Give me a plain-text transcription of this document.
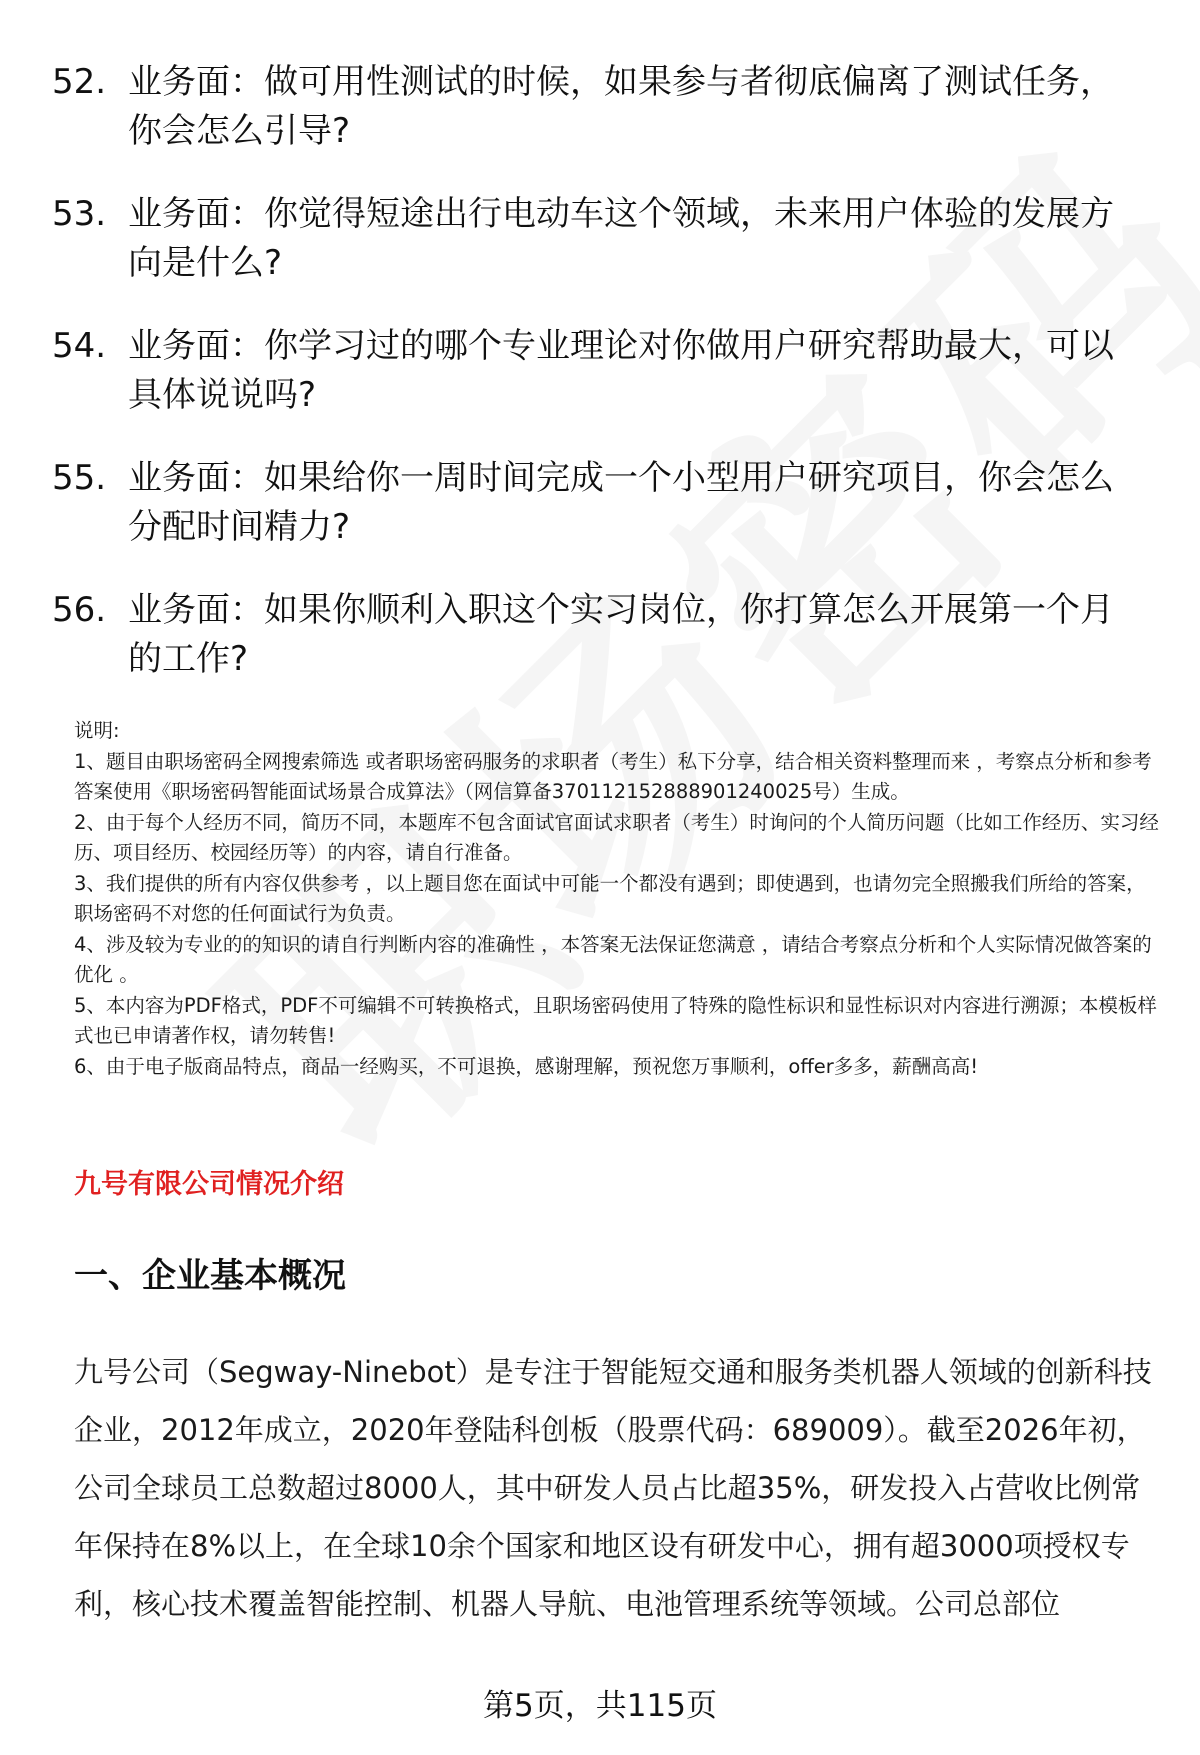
52. 业务面：做可用性测试的时候，如果参与者彻底偏离了测试任务，你会怎么引导?
53. 业务面：你觉得短途出行电动车这个领域，未来用户体验的发展方向是什么?
54. 业务面：你学习过的哪个专业理论对你做用户研究帮助最大，可以具体说说吗?
55. 业务面：如果给你一周时间完成一个小型用户研究项目，你会怎么分配时间精力?
56. 业务面：如果你顺利入职这个实习岗位，你打算怎么开展第一个月的工作?
说明:
1、题目由职场密码全网搜索筛选 或者职场密码服务的求职者（考生）私下分享，结合相关资料整理而来 ，考察点分析和参考答案使用《职场密码智能面试场景合成算法》（网信算备370112152888901240025号）生成。
2、由于每个人经历不同，简历不同，本题库不包含面试官面试求职者（考生）时询问的个人简历问题（比如工作经历、实习经历、项目经历、校园经历等）的内容，请自行准备。
3、我们提供的所有内容仅供参考 ，以上题目您在面试中可能一个都没有遇到；即使遇到，也请勿完全照搬我们所给的答案，职场密码不对您的任何面试行为负责。
4、涉及较为专业的的知识的请自行判断内容的准确性 ，本答案无法保证您满意 ，请结合考察点分析和个人实际情况做答案的优化 。
5、本内容为PDF格式，PDF不可编辑不可转换格式，且职场密码使用了特殊的隐性标识和显性标识对内容进行溯源；本模板样式也已申请著作权，请勿转售!
6、由于电子版商品特点，商品一经购买，不可退换，感谢理解，预祝您万事顺利，offer多多，薪酬高高!
九号有限公司情况介绍
一、企业基本概况
九号公司（Segway-Ninebot）是专注于智能短交通和服务类机器人领域的创新科技企业，2012年成立，2020年登陆科创板（股票代码：689009）。截至2026年初，公司全球员工总数超过8000人，其中研发人员占比超35%，研发投入占营收比例常年保持在8%以上，在全球10余个国家和地区设有研发中心，拥有超3000项授权专利，核心技术覆盖智能控制、机器人导航、电池管理系统等领域。公司总部位
第5页，共115页
